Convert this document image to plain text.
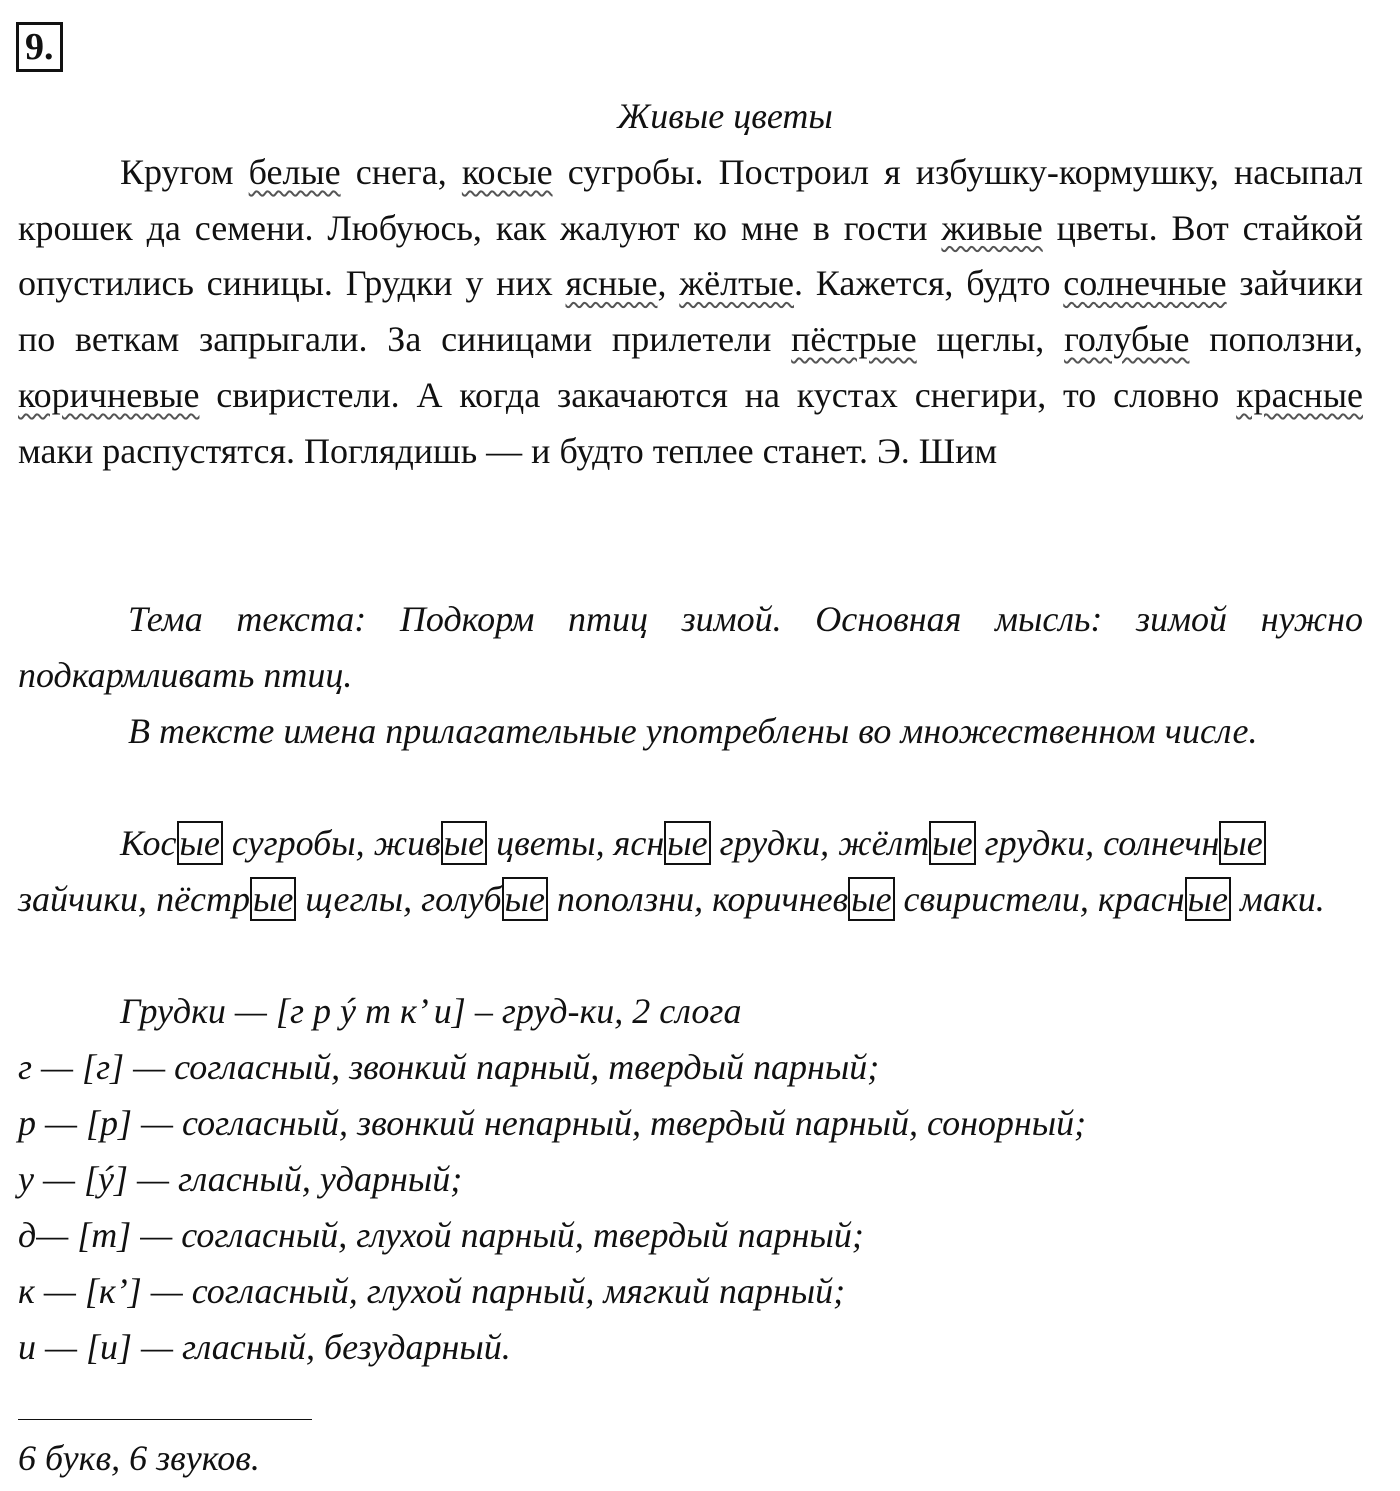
9.
Живые цветы

Кругом белые снега, косые сугробы. Построил я избушку-кормушку, насыпал крошек да семени. Любуюсь, как жалуют ко мне в гости живые цветы. Вот стайкой опустились синицы. Грудки у них ясные, жёлтые. Кажется, будто солнечные зайчики по веткам запрыгали. За синицами прилетели пёстрые щеглы, голубые поползни, коричневые свиристели. А когда закачаются на кустах снегири, то словно красные маки распустятся. Поглядишь — и будто теплее станет. Э. Шим

Тема текста: Подкорм птиц зимой. Основная мысль: зимой нужно подкармливать птиц.

В тексте имена прилагательные употреблены во множественном числе.

Косые сугробы, живые цветы, ясные грудки, жёлтые грудки, солнечные зайчики, пёстрые щеглы, голубые поползни, коричневые свиристели, красные маки.

Грудки — [г р ý т к’ и] – груд-ки, 2 слога
г — [г] — согласный, звонкий парный, твердый парный;
р — [р] — согласный, звонкий непарный, твердый парный, сонорный;
у — [ý] — гласный, ударный;
д— [т] — согласный, глухой парный, твердый парный;
к — [к’] — согласный, глухой парный, мягкий парный;
и — [и] — гласный, безударный.
6 букв, 6 звуков.
